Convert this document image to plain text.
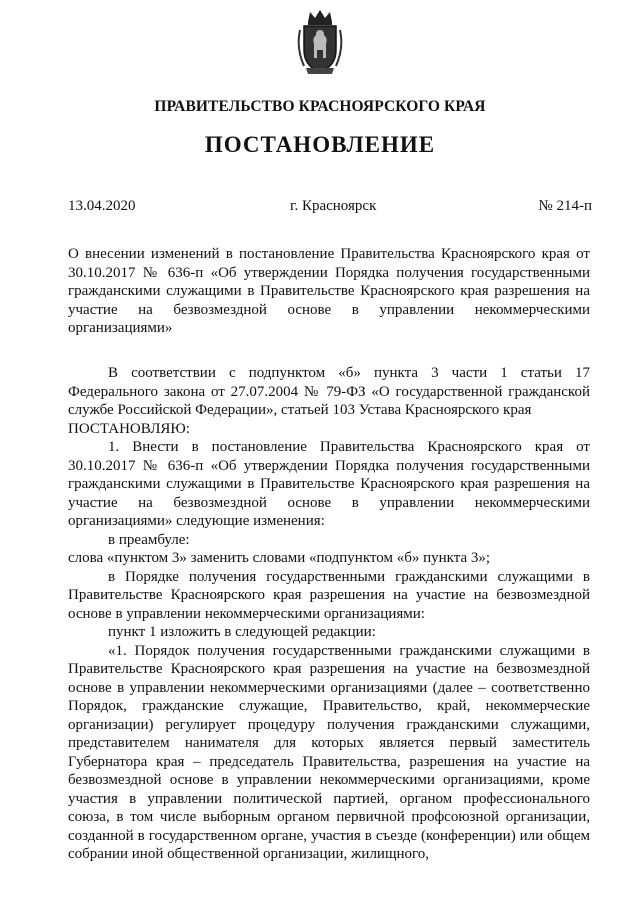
ПРАВИТЕЛЬСТВО КРАСНОЯРСКОГО КРАЯ
ПОСТАНОВЛЕНИЕ
13.04.2020	г. Красноярск	№ 214-п
О внесении изменений в постановление Правительства Красноярского края от 30.10.2017 № 636-п «Об утверждении Порядка получения государственными гражданскими служащими в Правительстве Красноярского края разрешения на участие на безвозмездной основе в управлении некоммерческими организациями»

В соответствии с подпунктом «б» пункта 3 части 1 статьи 17 Федерального закона от 27.07.2004 № 79-ФЗ «О государственной гражданской службе Российской Федерации», статьей 103 Устава Красноярского края

ПОСТАНОВЛЯЮ:

1. Внести в постановление Правительства Красноярского края от 30.10.2017 № 636-п «Об утверждении Порядка получения государственными гражданскими служащими в Правительстве Красноярского края разрешения на участие на безвозмездной основе в управлении некоммерческими организациями» следующие изменения:

в преамбуле:

слова «пунктом 3» заменить словами «подпунктом «б» пункта 3»;

в Порядке получения государственными гражданскими служащими в Правительстве Красноярского края разрешения на участие на безвозмездной основе в управлении некоммерческими организациями:

пункт 1 изложить в следующей редакции:

«1. Порядок получения государственными гражданскими служащими в Правительстве Красноярского края разрешения на участие на безвозмездной основе в управлении некоммерческими организациями (далее – соответственно Порядок, гражданские служащие, Правительство, край, некоммерческие организации) регулирует процедуру получения гражданскими служащими, представителем нанимателя для которых является первый заместитель Губернатора края – председатель Правительства, разрешения на участие на безвозмездной основе в управлении некоммерческими организациями, кроме участия в управлении политической партией, органом профессионального союза, в том числе выборным органом первичной профсоюзной организации, созданной в государственном органе, участия в съезде (конференции) или общем собрании иной общественной организации, жилищного,
